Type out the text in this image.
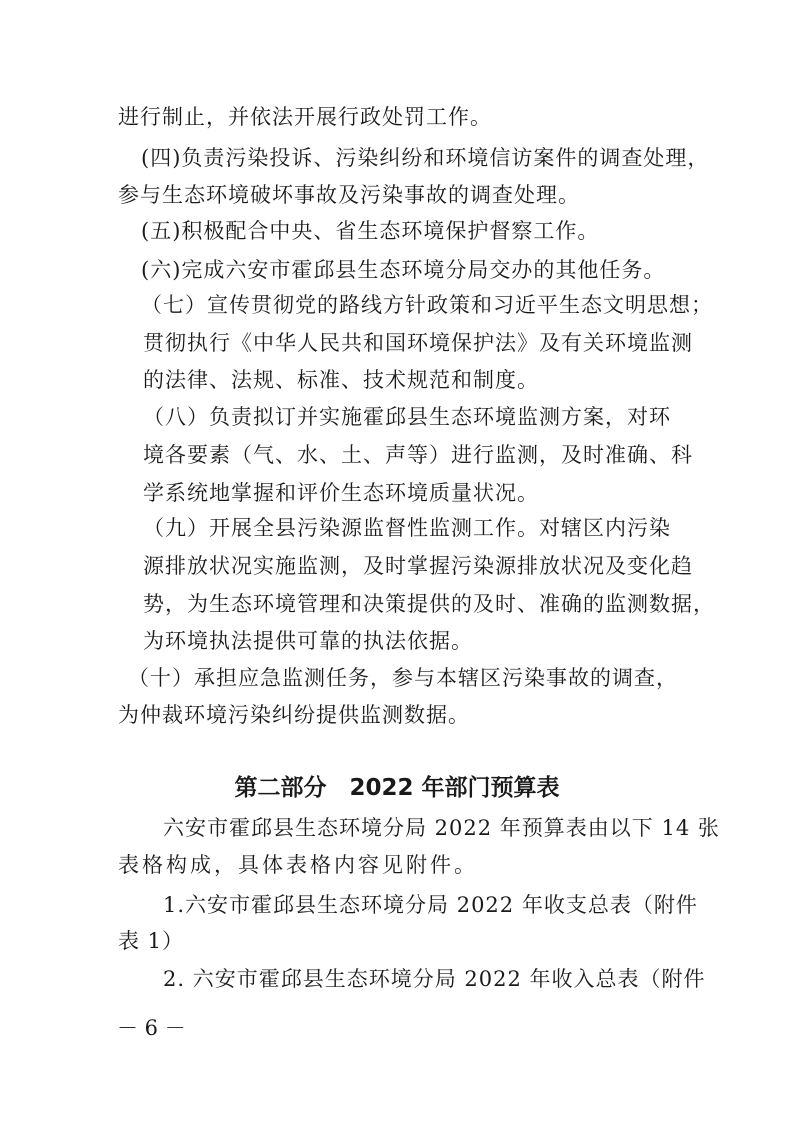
进行制止，并依法开展行政处罚工作。
(四)负责污染投诉、污染纠纷和环境信访案件的调查处理，
参与生态环境破坏事故及污染事故的调查处理。
(五)积极配合中央、省生态环境保护督察工作。
(六)完成六安市霍邱县生态环境分局交办的其他任务。
（七）宣传贯彻党的路线方针政策和习近平生态文明思想；
贯彻执行《中华人民共和国环境保护法》及有关环境监测
的法律、法规、标准、技术规范和制度。
（八）负责拟订并实施霍邱县生态环境监测方案，对环
境各要素（气、水、土、声等）进行监测，及时准确、科
学系统地掌握和评价生态环境质量状况。
（九）开展全县污染源监督性监测工作。对辖区内污染
源排放状况实施监测，及时掌握污染源排放状况及变化趋
势，为生态环境管理和决策提供的及时、准确的监测数据，
为环境执法提供可靠的执法依据。
（十）承担应急监测任务，参与本辖区污染事故的调查，
为仲裁环境污染纠纷提供监测数据。
第二部分　2022 年部门预算表
六安市霍邱县生态环境分局 2022 年预算表由以下 14 张
表格构成，具体表格内容见附件。
1.六安市霍邱县生态环境分局 2022 年收支总表（附件
表 1）
2. 六安市霍邱县生态环境分局 2022 年收入总表（附件
－ 6 －
